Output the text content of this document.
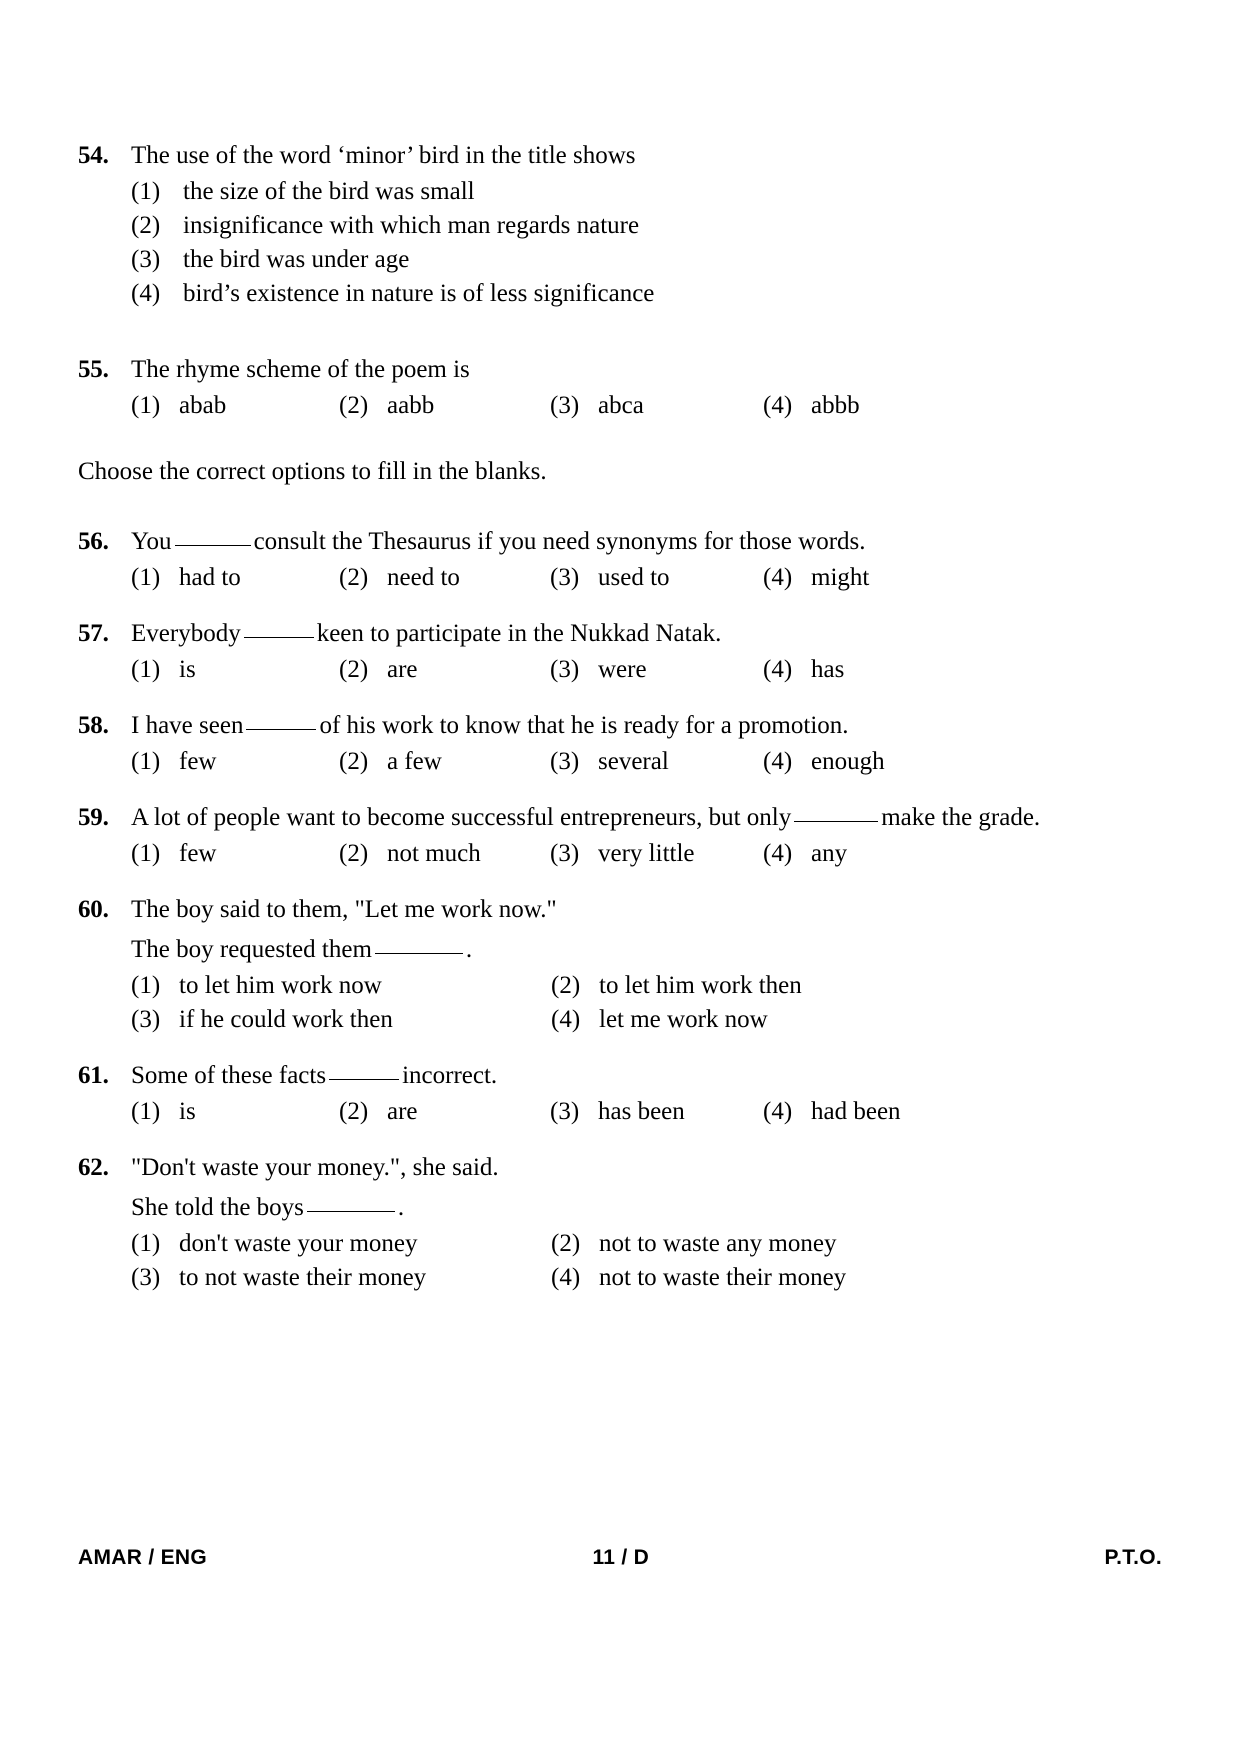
54. The use of the word ‘minor’ bird in the title shows
(1) the size of the bird was small
(2) insignificance with which man regards nature
(3) the bird was under age
(4) bird’s existence in nature is of less significance
55. The rhyme scheme of the poem is
(1) abab	(2) aabb	(3) abca	(4) abbb
Choose the correct options to fill in the blanks.
56. You	consult the Thesaurus if you need synonyms for those words.
(1) had to	(2) need to	(3) used to	(4) might
57. Everybody	keen to participate in the Nukkad Natak.
(1) is	(2) are	(3) were	(4) has
58. I have seen	of his work to know that he is ready for a promotion.
(1) few	(2) a few	(3) several	(4) enough
59. A lot of people want to become successful entrepreneurs, but only	make the grade.
(1) few	(2) not much	(3) very little	(4) any
60. The boy said to them, "Let me work now."
The boy requested them	.
(1) to let him work now	(2) to let him work then
(3) if he could work then	(4) let me work now
61. Some of these facts	incorrect.
(1) is	(2) are	(3) has been	(4) had been
62. "Don't waste your money.", she said.
She told the boys	.
(1) don't waste your money	(2) not to waste any money
(3) to not waste their money	(4) not to waste their money
AMAR / ENG	11 / D	P.T.O.
